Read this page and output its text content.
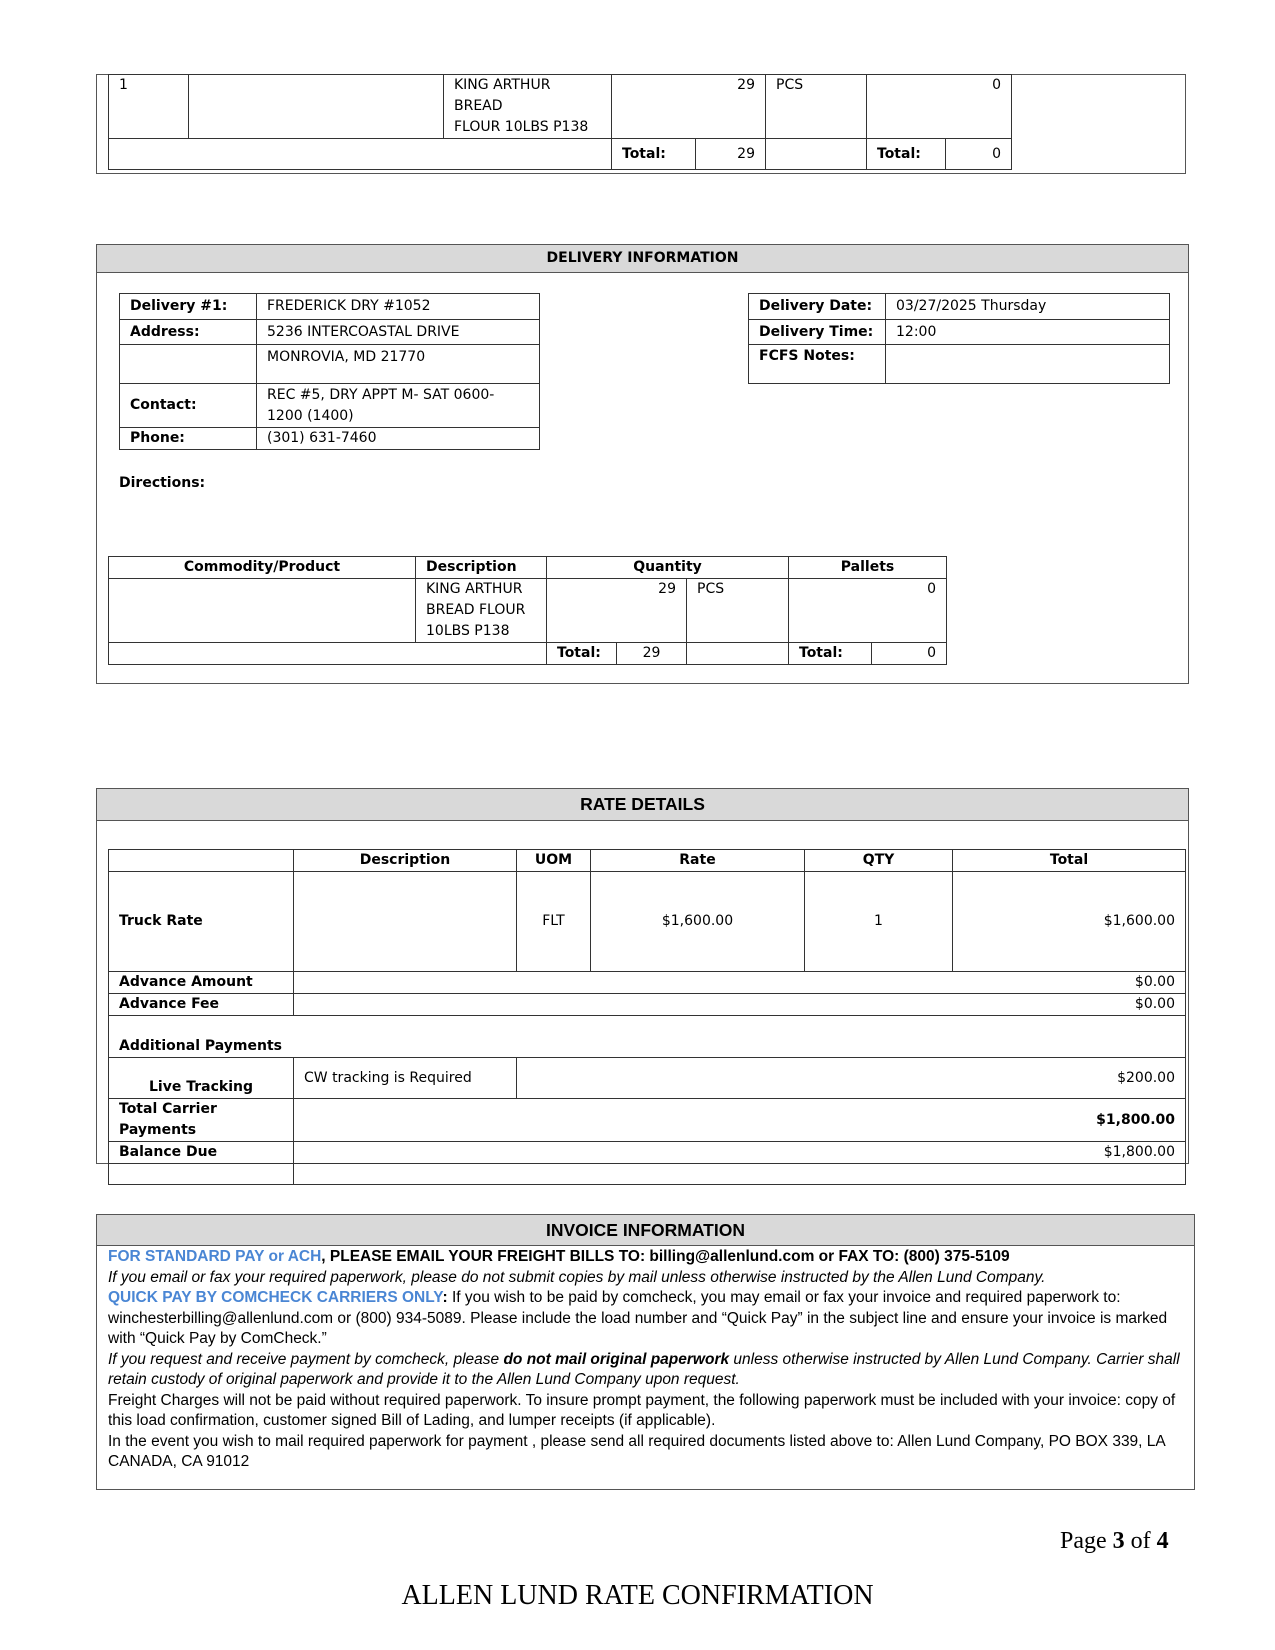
1		KING ARTHUR BREAD
FLOUR 10LBS P138	29		PCS	0	
			Total:	29		Total:	0
DELIVERY INFORMATION
Delivery #1:	FREDERICK DRY #1052
Address:	5236 INTERCOASTAL DRIVE
	MONROVIA, MD 21770
Contact:	REC #5, DRY APPT M- SAT 0600-1200 (1400)
Phone:	(301) 631-7460
Delivery Date:	03/27/2025 Thursday
Delivery Time:	12:00
FCFS Notes:	
Directions:
Commodity/Product	Description	Quantity			Pallets	

	KING ARTHUR
BREAD FLOUR
10LBS P138	29		PCS	0	
		Total:	29		Total:	0
RATE DETAILS
	Description	UOM	Rate	QTY	Total
Truck Rate		FLT	$1,600.00	1	$1,600.00
Advance Amount	$0.00				
Advance Fee	$0.00				
Additional Payments					
Live Tracking	CW tracking is Required	$200.00			
Total Carrier Payments	$1,800.00				
Balance Due	$1,800.00				

INVOICE INFORMATION
FOR STANDARD PAY or ACH, PLEASE EMAIL YOUR FREIGHT BILLS TO: billing@allenlund.com or FAX TO: (800) 375-5109
If you email or fax your required paperwork, please do not submit copies by mail unless otherwise instructed by the Allen Lund Company.
QUICK PAY BY COMCHECK CARRIERS ONLY: If you wish to be paid by comcheck, you may email or fax your invoice and required paperwork to: winchesterbilling@allenlund.com or (800) 934-5089. Please include the load number and “Quick Pay” in the subject line and ensure your invoice is marked with “Quick Pay by ComCheck.”
If you request and receive payment by comcheck, please do not mail original paperwork unless otherwise instructed by Allen Lund Company. Carrier shall retain custody of original paperwork and provide it to the Allen Lund Company upon request.
Freight Charges will not be paid without required paperwork. To insure prompt payment, the following paperwork must be included with your invoice: copy of this load confirmation, customer signed Bill of Lading, and lumper receipts (if applicable).
In the event you wish to mail required paperwork for payment , please send all required documents listed above to: Allen Lund Company, PO BOX 339, LA CANADA, CA 91012
Page 3 of 4
ALLEN LUND RATE CONFIRMATION
